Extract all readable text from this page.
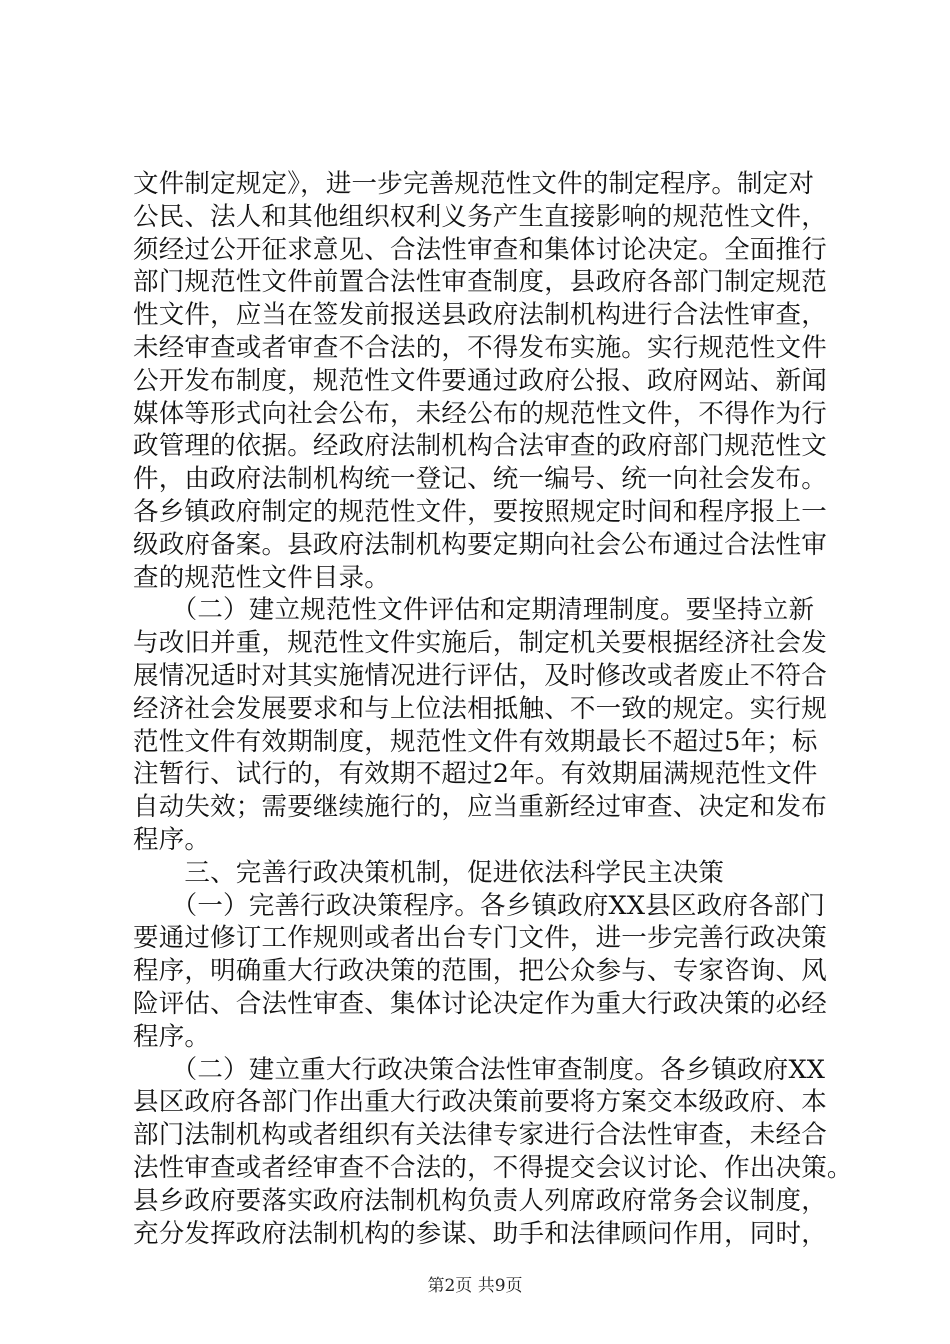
文件制定规定》，进一步完善规范性文件的制定程序。制定对
公民、法人和其他组织权利义务产生直接影响的规范性文件，
须经过公开征求意见、合法性审查和集体讨论决定。全面推行
部门规范性文件前置合法性审查制度，县政府各部门制定规范
性文件，应当在签发前报送县政府法制机构进行合法性审查，
未经审查或者审查不合法的，不得发布实施。实行规范性文件
公开发布制度，规范性文件要通过政府公报、政府网站、新闻
媒体等形式向社会公布，未经公布的规范性文件，不得作为行
政管理的依据。经政府法制机构合法审查的政府部门规范性文
件，由政府法制机构统一登记、统一编号、统一向社会发布。
各乡镇政府制定的规范性文件，要按照规定时间和程序报上一
级政府备案。县政府法制机构要定期向社会公布通过合法性审
查的规范性文件目录。
　　（二）建立规范性文件评估和定期清理制度。要坚持立新
与改旧并重，规范性文件实施后，制定机关要根据经济社会发
展情况适时对其实施情况进行评估，及时修改或者废止不符合
经济社会发展要求和与上位法相抵触、不一致的规定。实行规
范性文件有效期制度，规范性文件有效期最长不超过5年；标
注暂行、试行的，有效期不超过2年。有效期届满规范性文件
自动失效；需要继续施行的，应当重新经过审查、决定和发布
程序。
　　三、完善行政决策机制，促进依法科学民主决策
　　（一）完善行政决策程序。各乡镇政府XX县区政府各部门
要通过修订工作规则或者出台专门文件，进一步完善行政决策
程序，明确重大行政决策的范围，把公众参与、专家咨询、风
险评估、合法性审查、集体讨论决定作为重大行政决策的必经
程序。
　　（二）建立重大行政决策合法性审查制度。各乡镇政府XX
县区政府各部门作出重大行政决策前要将方案交本级政府、本
部门法制机构或者组织有关法律专家进行合法性审查，未经合
法性审查或者经审查不合法的，不得提交会议讨论、作出决策。
县乡政府要落实政府法制机构负责人列席政府常务会议制度，
充分发挥政府法制机构的参谋、助手和法律顾问作用，同时，
第2页 共9页
